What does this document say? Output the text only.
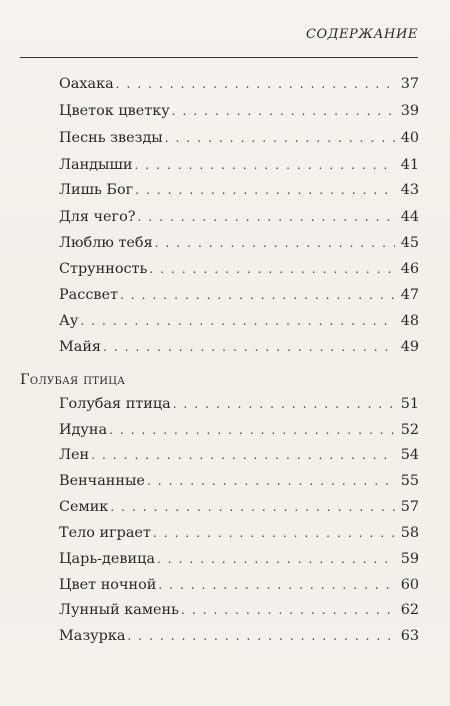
СОДЕРЖАНИЕ
Оахака . . .	37
Цветок цветку . . .	39
Песнь звезды . . .	40
Ландыши . . .	41
Лишь Бог . . .	43
Для чего? . . .	44
Люблю тебя . . .	45
Струнность . . .	46
Рассвет . . .	47
Ау . . .	48
Майя . . .	49
Голубая птица
Голубая птица . . .	51
Идуна . . .	52
Лен . . .	54
Венчанные . . .	55
Семик . . .	57
Тело играет . . .	58
Царь-девица . . .	59
Цвет ночной . . .	60
Лунный камень . . .	62
Мазурка . . .	63
